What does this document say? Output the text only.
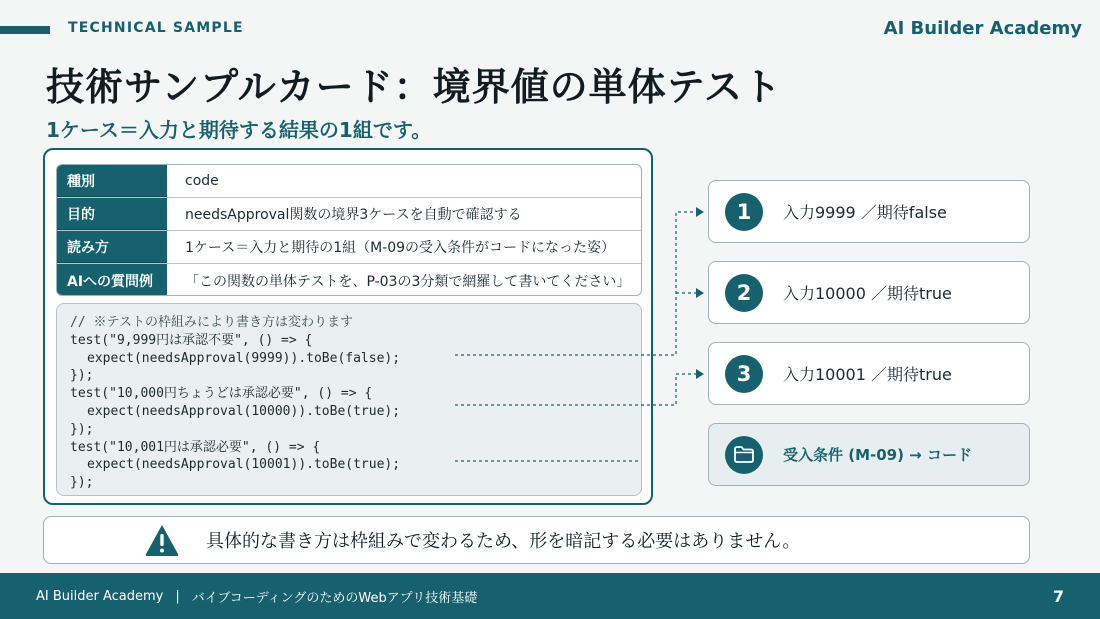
TECHNICAL SAMPLE	AI Builder Academy
技術サンプルカード：境界値の単体テスト
1ケース＝入力と期待する結果の1組です。
種別	code
目的	needsApproval関数の境界3ケースを自動で確認する
読み方	1ケース＝入力と期待の1組（M-09の受入条件がコードになった姿）
AIへの質問例	「この関数の単体テストを、P-03の3分類で網羅して書いてください」
// ※テストの枠組みにより書き方は変わります
test("9,999円は承認不要", () => {
expect(needsApproval(9999)).toBe(false);
});
test("10,000円ちょうどは承認必要", () => {
expect(needsApproval(10000)).toBe(true);
});
test("10,001円は承認必要", () => {
expect(needsApproval(10001)).toBe(true);
});
1	入力9999 ／期待false
2	入力10000 ／期待true
3	入力10001 ／期待true
受入条件 (M-09) → コード
具体的な書き方は枠組みで変わるため、形を暗記する必要はありません。
AI Builder Academy | バイブコーディングのためのWebアプリ技術基礎	7
